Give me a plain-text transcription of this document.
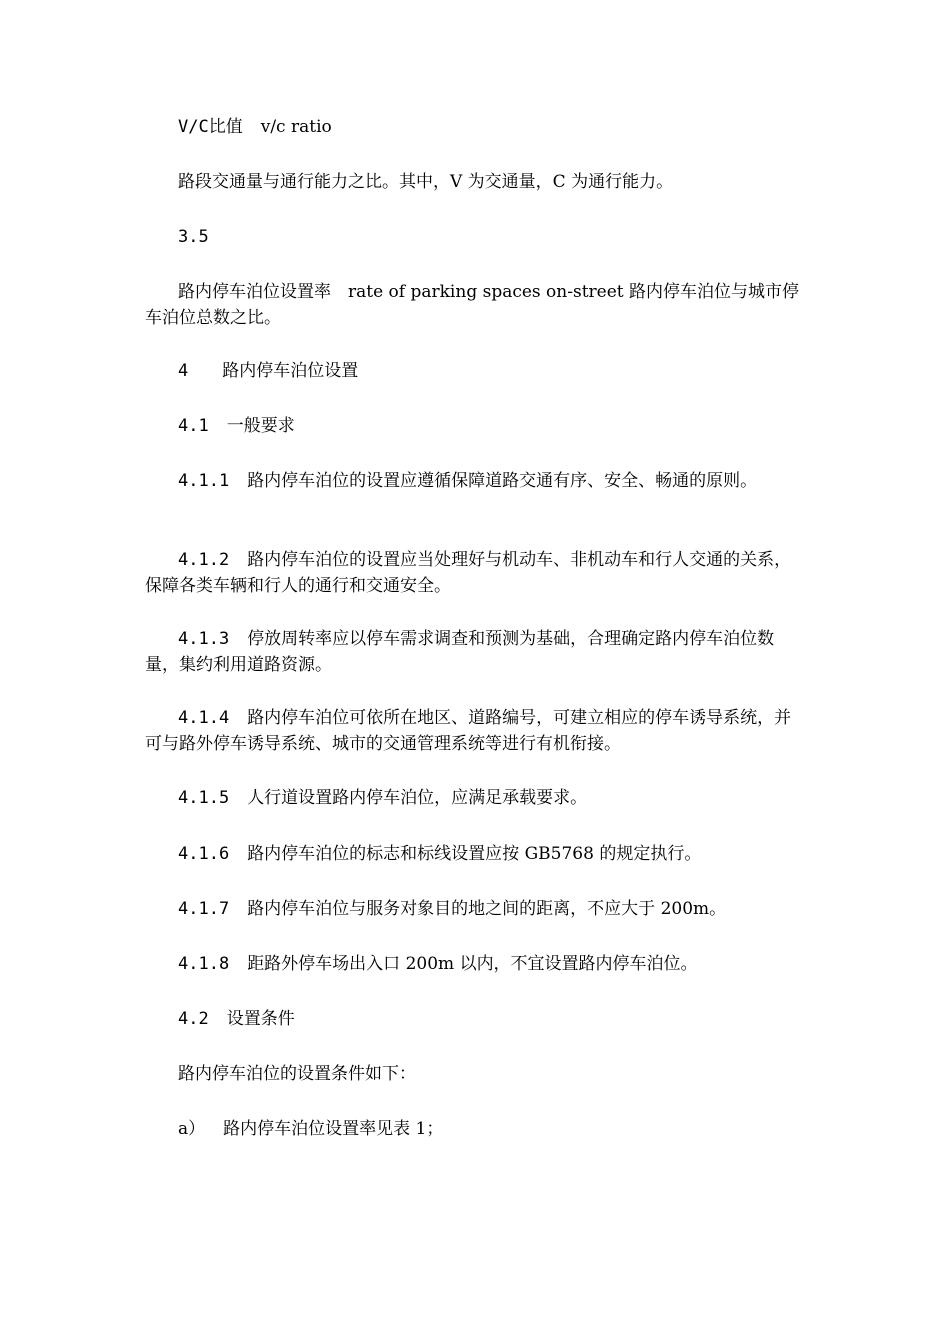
V/C比值 v/c ratio

路段交通量与通行能力之比。其中，V 为交通量，C 为通行能力。

3.5

路内停车泊位设置率　rate of parking spaces on-street 路内停车泊位与城市停车泊位总数之比。

4 路内停车泊位设置

4.1 一般要求

4.1.1 路内停车泊位的设置应遵循保障道路交通有序、安全、畅通的原则。

4.1.2 路内停车泊位的设置应当处理好与机动车、非机动车和行人交通的关系，保障各类车辆和行人的通行和交通安全。

4.1.3 停放周转率应以停车需求调查和预测为基础，合理确定路内停车泊位数量，集约利用道路资源。

4.1.4 路内停车泊位可依所在地区、道路编号，可建立相应的停车诱导系统，并可与路外停车诱导系统、城市的交通管理系统等进行有机衔接。

4.1.5 人行道设置路内停车泊位，应满足承载要求。

4.1.6 路内停车泊位的标志和标线设置应按 GB5768 的规定执行。

4.1.7 路内停车泊位与服务对象目的地之间的距离，不应大于 200m。

4.1.8 距路外停车场出入口 200m 以内，不宜设置路内停车泊位。

4.2 设置条件

路内停车泊位的设置条件如下：

a） 路内停车泊位设置率见表 1；
